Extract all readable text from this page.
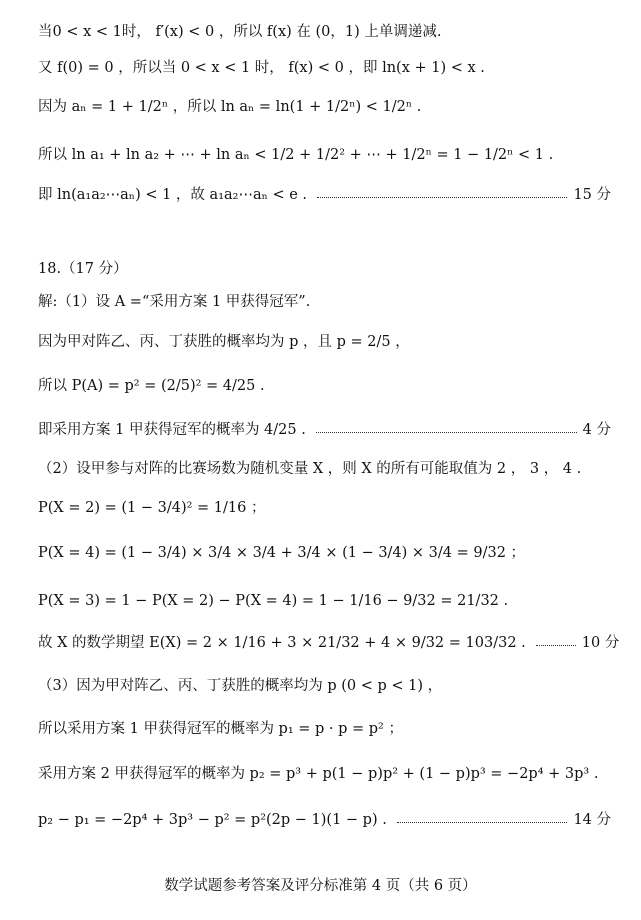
当0 < x < 1时， f′(x) < 0 ，所以 f(x) 在 (0，1) 上单调递减.
又 f(0) = 0 ，所以当 0 < x < 1 时， f(x) < 0 ，即 ln(x + 1) < x .
因为 aₙ = 1 + 1/2ⁿ ，所以 ln aₙ = ln(1 + 1/2ⁿ) < 1/2ⁿ .
所以 ln a₁ + ln a₂ + ⋯ + ln aₙ < 1/2 + 1/2² + ⋯ + 1/2ⁿ = 1 − 1/2ⁿ < 1 .
即 ln(a₁a₂⋯aₙ) < 1 ，故 a₁a₂⋯aₙ < e .	15 分
18.（17 分）
解:（1）设 A =“采用方案 1 甲获得冠军”.
因为甲对阵乙、丙、丁获胜的概率均为 p ，且 p = 2/5 ，
所以 P(A) = p² = (2/5)² = 4/25 .
即采用方案 1 甲获得冠军的概率为 4/25 .	4 分
（2）设甲参与对阵的比赛场数为随机变量 X ，则 X 的所有可能取值为 2 ， 3 ， 4 .
P(X = 2) = (1 − 3/4)² = 1/16 ；
P(X = 4) = (1 − 3/4) × 3/4 × 3/4 + 3/4 × (1 − 3/4) × 3/4 = 9/32 ；
P(X = 3) = 1 − P(X = 2) − P(X = 4) = 1 − 1/16 − 9/32 = 21/32 .
故 X 的数学期望 E(X) = 2 × 1/16 + 3 × 21/32 + 4 × 9/32 = 103/32 .	10 分
（3）因为甲对阵乙、丙、丁获胜的概率均为 p (0 < p < 1) ，
所以采用方案 1 甲获得冠军的概率为 p₁ = p · p = p² ；
采用方案 2 甲获得冠军的概率为 p₂ = p³ + p(1 − p)p² + (1 − p)p³ = −2p⁴ + 3p³ .
p₂ − p₁ = −2p⁴ + 3p³ − p² = p²(2p − 1)(1 − p) .	14 分
数学试题参考答案及评分标准第 4 页（共 6 页）
